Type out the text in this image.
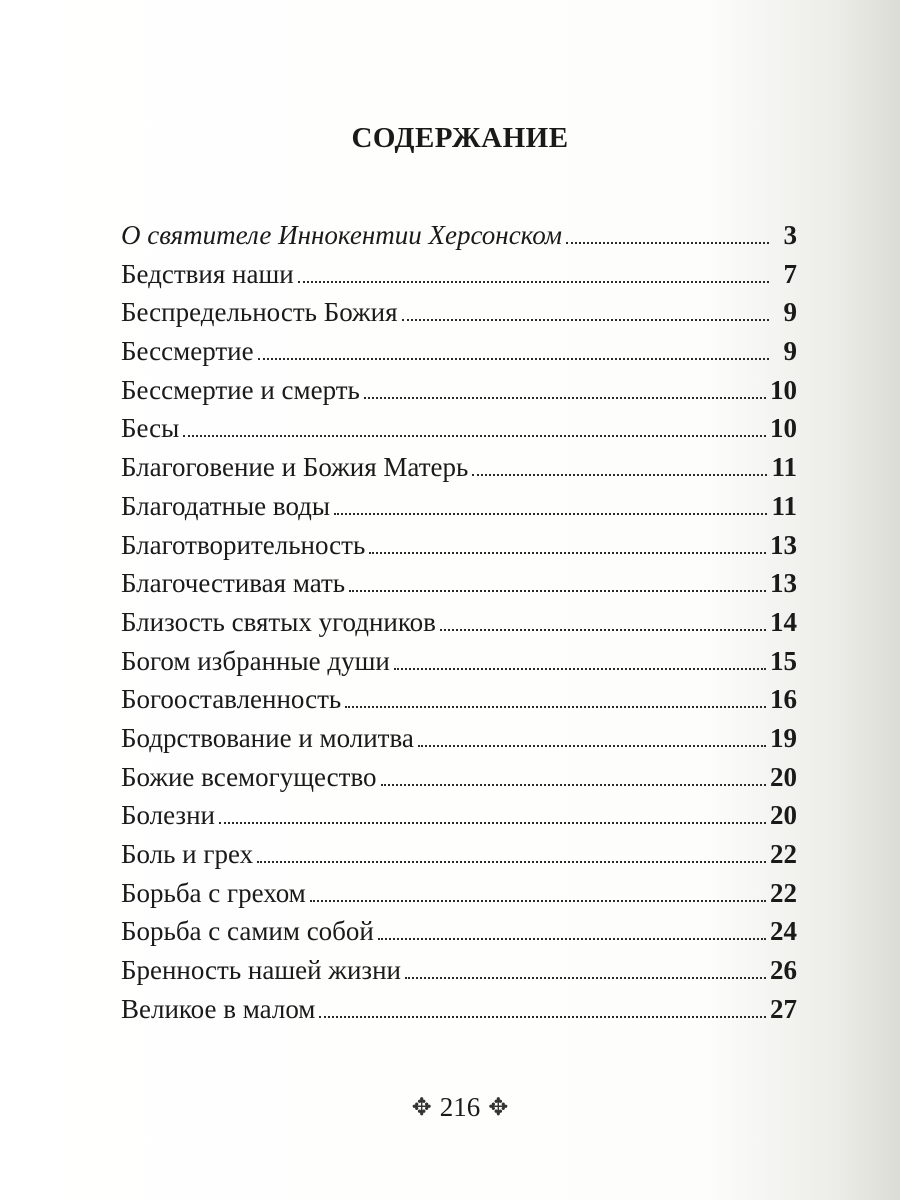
СОДЕРЖАНИЕ
О святителе Иннокентии Херсонском	3
Бедствия наши	7
Беспредельность Божия	9
Бессмертие	9
Бессмертие и смерть	10
Бесы	10
Благоговение и Божия Матерь	11
Благодатные воды	11
Благотворительность	13
Благочестивая мать	13
Близость святых угодников	14
Богом избранные души	15
Богооставленность	16
Бодрствование и молитва	19
Божие всемогущество	20
Болезни	20
Боль и грех	22
Борьба с грехом	22
Борьба с самим собой	24
Бренность нашей жизни	26
Великое в малом	27
✥ 216 ✥
